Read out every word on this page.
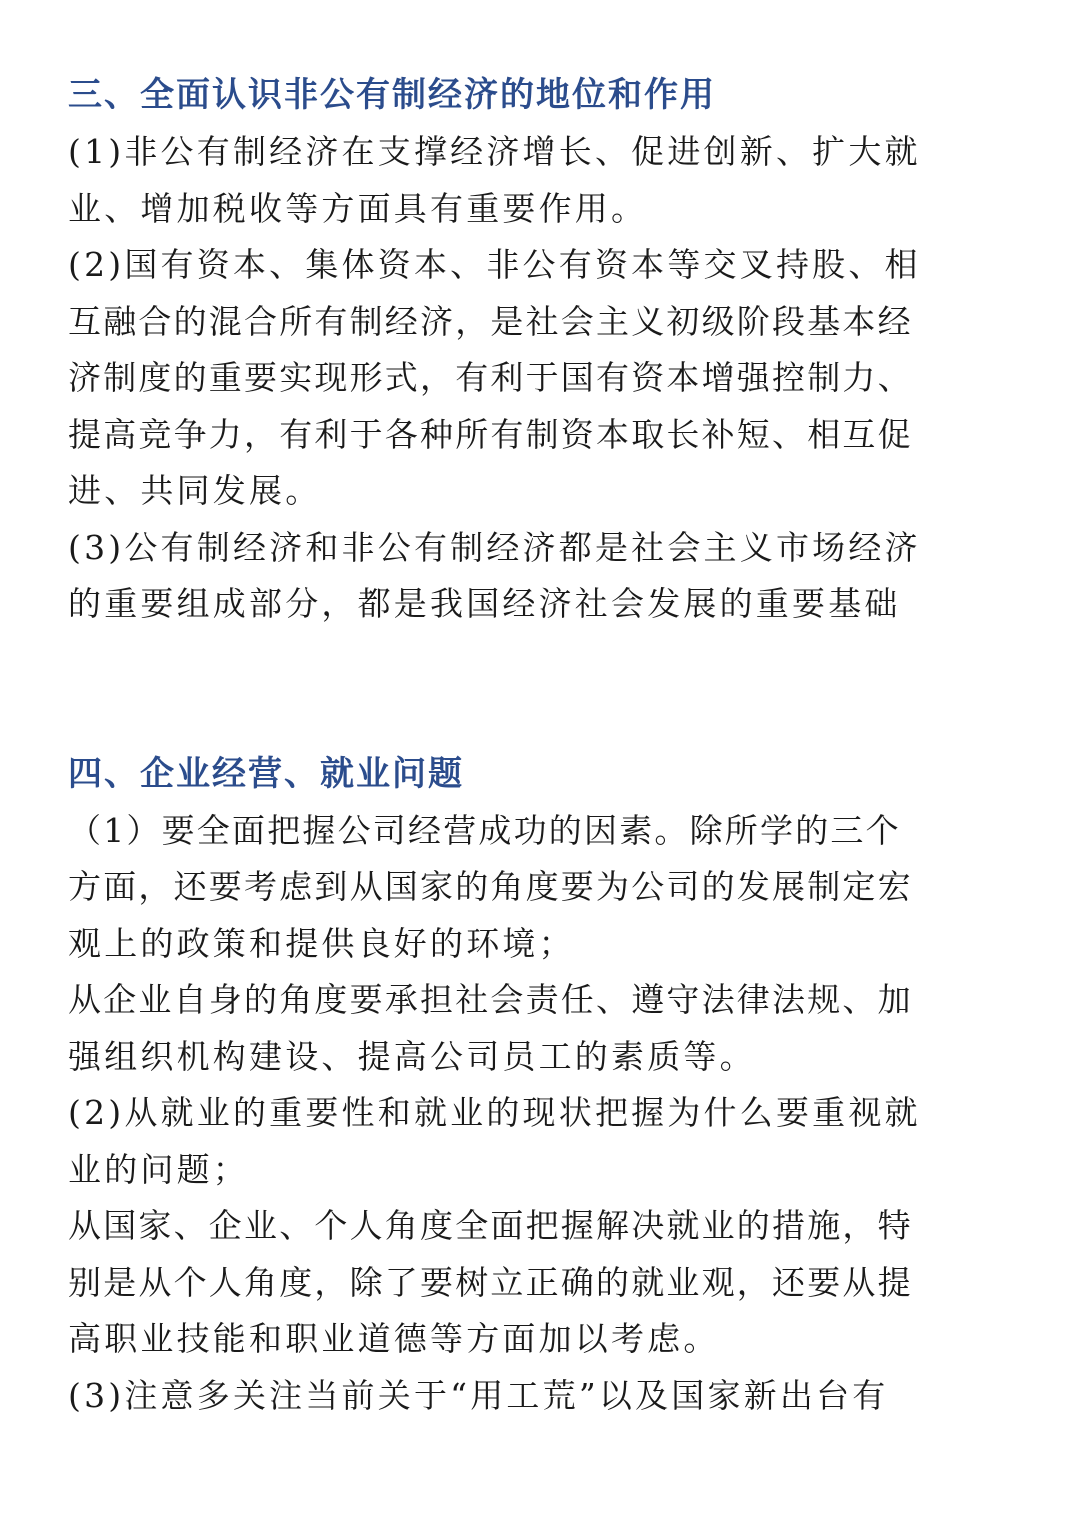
三、全面认识非公有制经济的地位和作用
(1)非公有制经济在支撑经济增长、促进创新、扩大就
业、增加税收等方面具有重要作用。
(2)国有资本、集体资本、非公有资本等交叉持股、相
互融合的混合所有制经济，是社会主义初级阶段基本经
济制度的重要实现形式，有利于国有资本增强控制力、
提高竞争力，有利于各种所有制资本取长补短、相互促
进、共同发展。
(3)公有制经济和非公有制经济都是社会主义市场经济
的重要组成部分，都是我国经济社会发展的重要基础
四、企业经营、就业问题
（1）要全面把握公司经营成功的因素。除所学的三个
方面，还要考虑到从国家的角度要为公司的发展制定宏
观上的政策和提供良好的环境；
从企业自身的角度要承担社会责任、遵守法律法规、加
强组织机构建设、提高公司员工的素质等。
(2)从就业的重要性和就业的现状把握为什么要重视就
业的问题；
从国家、企业、个人角度全面把握解决就业的措施，特
别是从个人角度，除了要树立正确的就业观，还要从提
高职业技能和职业道德等方面加以考虑。
(3)注意多关注当前关于“用工荒”以及国家新出台有
